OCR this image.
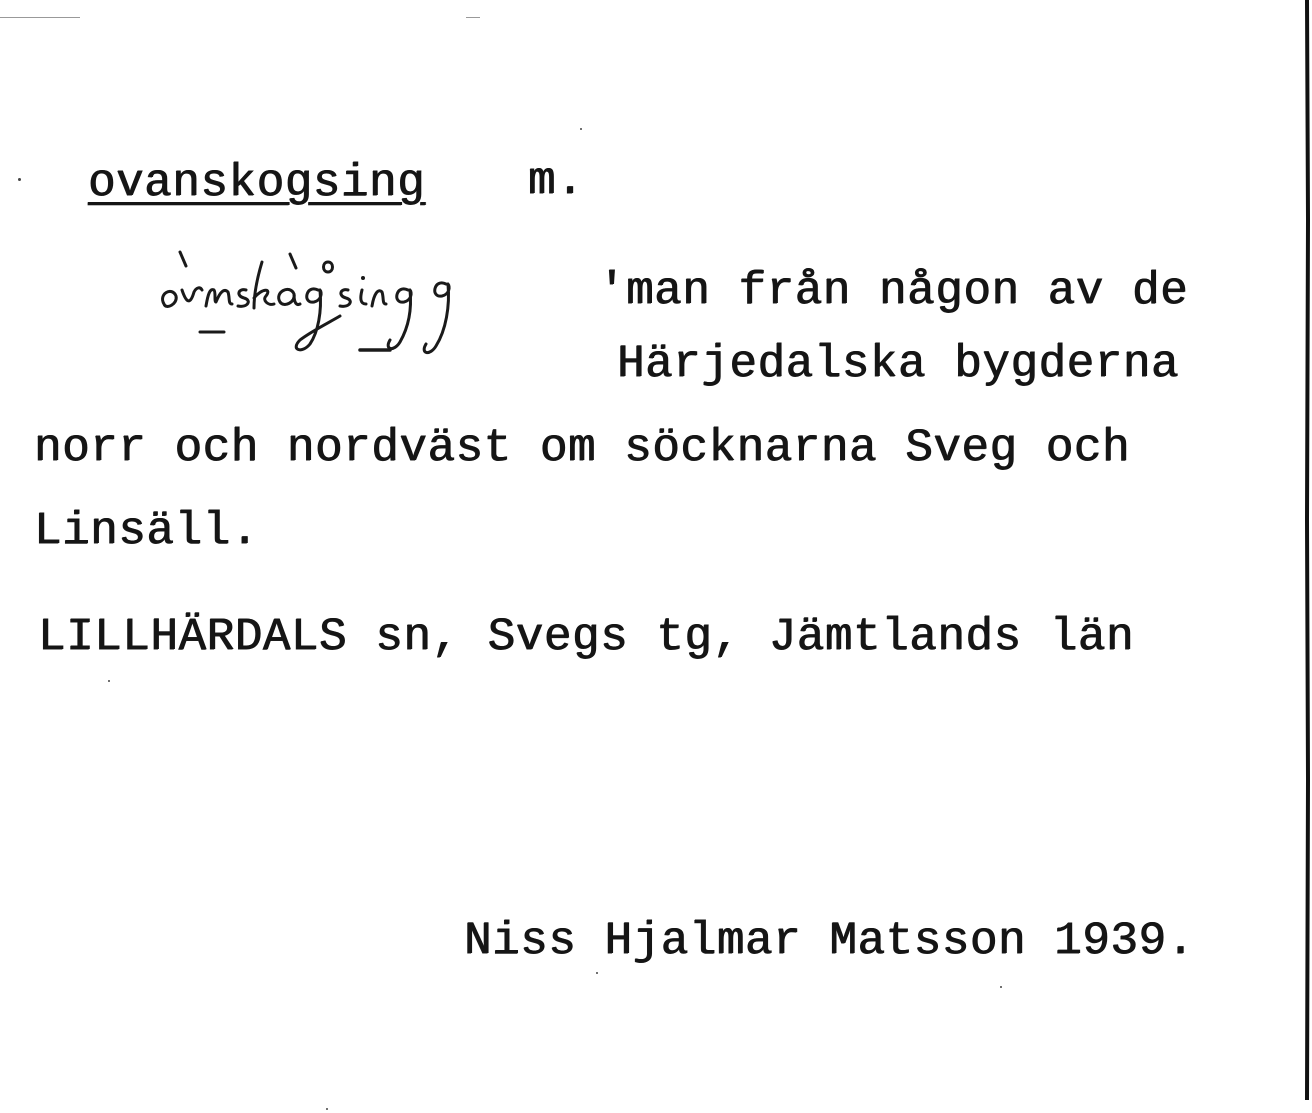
ovanskogsing m.
'man från någon av de
Härjedalska bygderna
norr och nordväst om söcknarna Sveg och
Linsäll.
LILLHÄRDALS sn, Svegs tg, Jämtlands län
Niss Hjalmar Matsson 1939.
